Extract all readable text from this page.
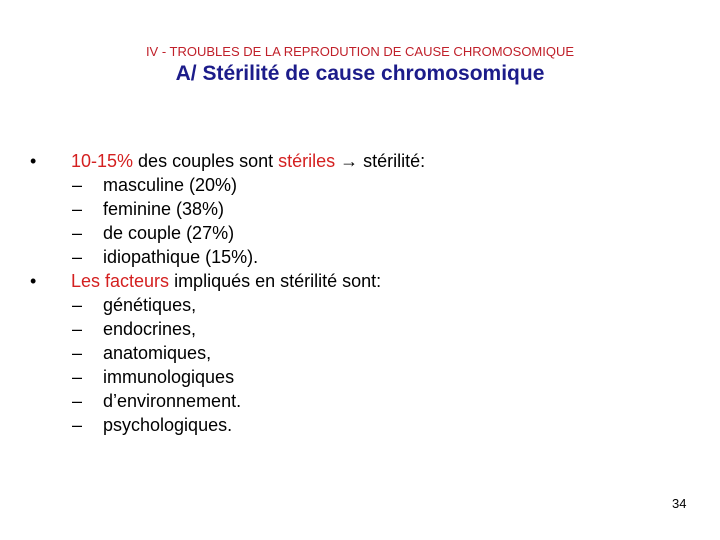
IV - TROUBLES DE LA REPRODUTION DE CAUSE CHROMOSOMIQUE
A/ Stérilité de cause chromosomique
• 10-15% des couples sont stériles → stérilité:
– masculine (20%)
– feminine (38%)
– de couple (27%)
– idiopathique (15%).
• Les facteurs impliqués en stérilité sont:
– génétiques,
– endocrines,
– anatomiques,
– immunologiques
– d’environnement.
– psychologiques.
34
